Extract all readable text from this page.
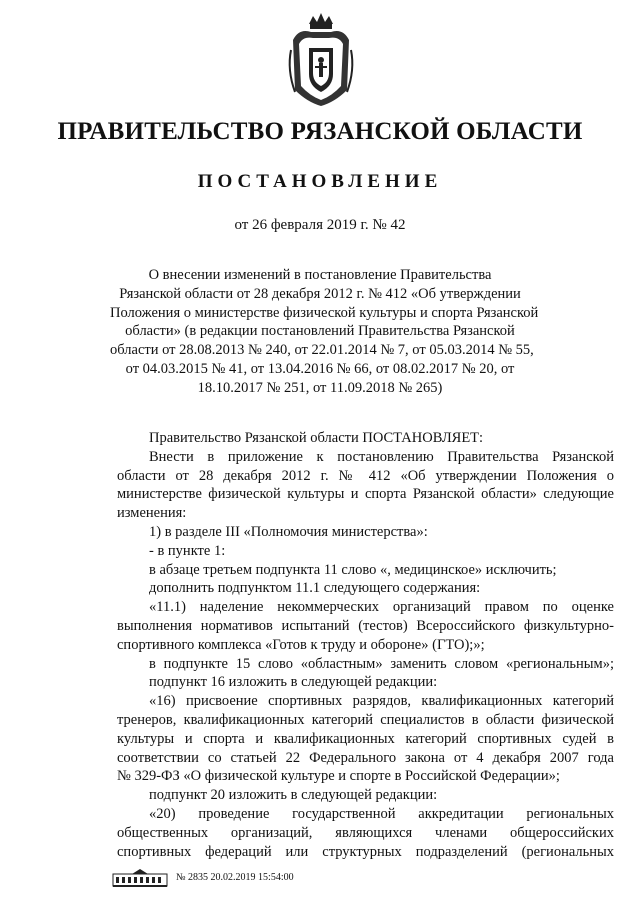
ПРАВИТЕЛЬСТВО РЯЗАНСКОЙ ОБЛАСТИ
ПОСТАНОВЛЕНИЕ
от 26 февраля 2019 г. № 42
О внесении изменений в постановление Правительства
Рязанской области от 28 декабря 2012 г. № 412 «Об утверждении
Положения о министерстве физической культуры и спорта Рязанской
области» (в редакции постановлений Правительства Рязанской
области от 28.08.2013 № 240, от 22.01.2014 № 7, от 05.03.2014 № 55,
от 04.03.2015 № 41, от 13.04.2016 № 66, от 08.02.2017 № 20, от
18.10.2017 № 251, от 11.09.2018 № 265)
Правительство Рязанской области ПОСТАНОВЛЯЕТ:
Внести в приложение к постановлению Правительства Рязанской
области от 28 декабря 2012 г. № 412 «Об утверждении Положения о
министерстве физической культуры и спорта Рязанской области» следующие
изменения:
1) в разделе III «Полномочия министерства»:
- в пункте 1:
в абзаце третьем подпункта 11 слово «, медицинское» исключить;
дополнить подпунктом 11.1 следующего содержания:
«11.1) наделение некоммерческих организаций правом по оценке
выполнения нормативов испытаний (тестов) Всероссийского физкультурно-
спортивного комплекса «Готов к труду и обороне» (ГТО);»;
в подпункте 15 слово «областным» заменить словом «региональным»;
подпункт 16 изложить в следующей редакции:
«16) присвоение спортивных разрядов, квалификационных категорий
тренеров, квалификационных категорий специалистов в области физической
культуры и спорта и квалификационных категорий спортивных судей в
соответствии со статьей 22 Федерального закона от 4 декабря 2007 года
№ 329-ФЗ «О физической культуре и спорте в Российской Федерации»;
подпункт 20 изложить в следующей редакции:
«20) проведение государственной аккредитации региональных
общественных организаций, являющихся членами общероссийских
спортивных федераций или структурных подразделений (региональных
№ 2835 20.02.2019 15:54:00
